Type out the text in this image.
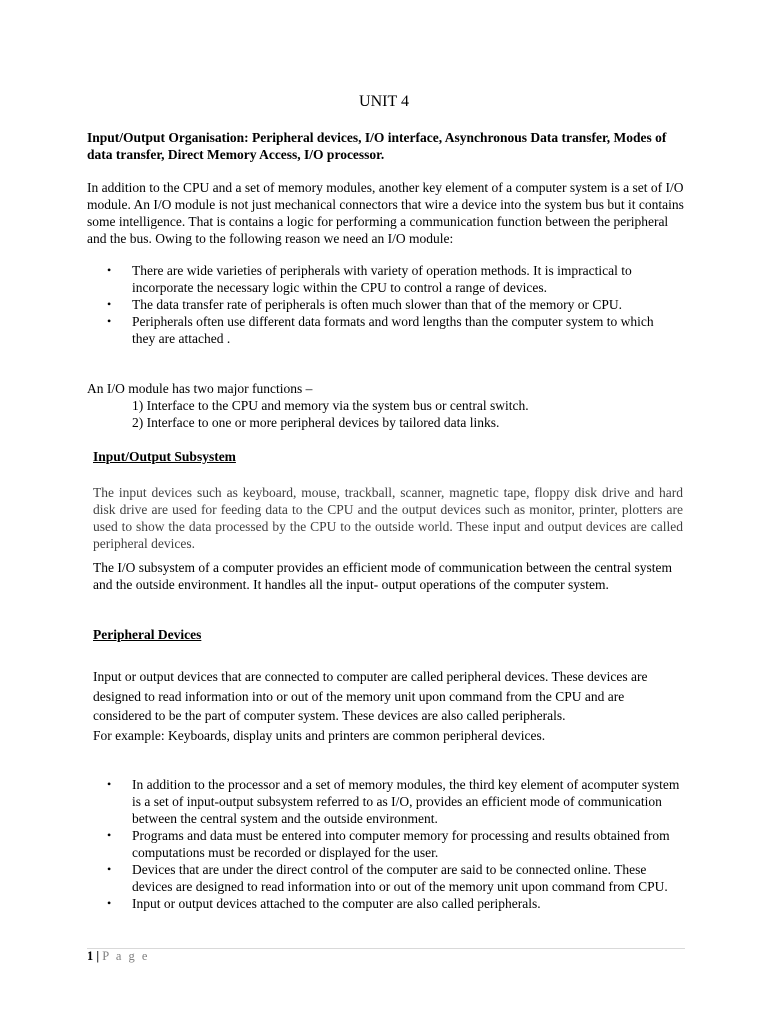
UNIT 4
Input/Output Organisation: Peripheral devices, I/O interface, Asynchronous Data transfer, Modes of data transfer, Direct Memory Access, I/O processor.
In addition to the CPU and a set of memory modules, another key element of a computer system is a set of I/O module. An I/O module is not just mechanical connectors that wire a device into the system bus but it contains some intelligence. That is contains a logic for performing a communication function between the peripheral and the bus. Owing to the following reason we need an I/O module:
• There are wide varieties of peripherals with variety of operation methods. It is impractical to incorporate the necessary logic within the CPU to control a range of devices.
• The data transfer rate of peripherals is often much slower than that of the memory or CPU.
• Peripherals often use different data formats and word lengths than the computer system to which they are attached .
An I/O module has two major functions –
1) Interface to the CPU and memory via the system bus or central switch.
2) Interface to one or more peripheral devices by tailored data links.
Input/Output Subsystem
The input devices such as keyboard, mouse, trackball, scanner, magnetic tape, floppy disk drive and hard disk drive are used for feeding data to the CPU and the output devices such as monitor, printer, plotters are used to show the data processed by the CPU to the outside world. These input and output devices are called peripheral devices.
The I/O subsystem of a computer provides an efficient mode of communication between the central system and the outside environment. It handles all the input- output operations of the computer system.
Peripheral Devices
Input or output devices that are connected to computer are called peripheral devices. These devices are designed to read information into or out of the memory unit upon command from the CPU and are considered to be the part of computer system. These devices are also called peripherals.
For example: Keyboards, display units and printers are common peripheral devices.
• In addition to the processor and a set of memory modules, the third key element of acomputer system is a set of input-output subsystem referred to as I/O, provides an efficient mode of communication between the central system and the outside environment.
• Programs and data must be entered into computer memory for processing and results obtained from computations must be recorded or displayed for the user.
• Devices that are under the direct control of the computer are said to be connected online. These devices are designed to read information into or out of the memory unit upon command from CPU.
• Input or output devices attached to the computer are also called peripherals.
1 | P a g e
